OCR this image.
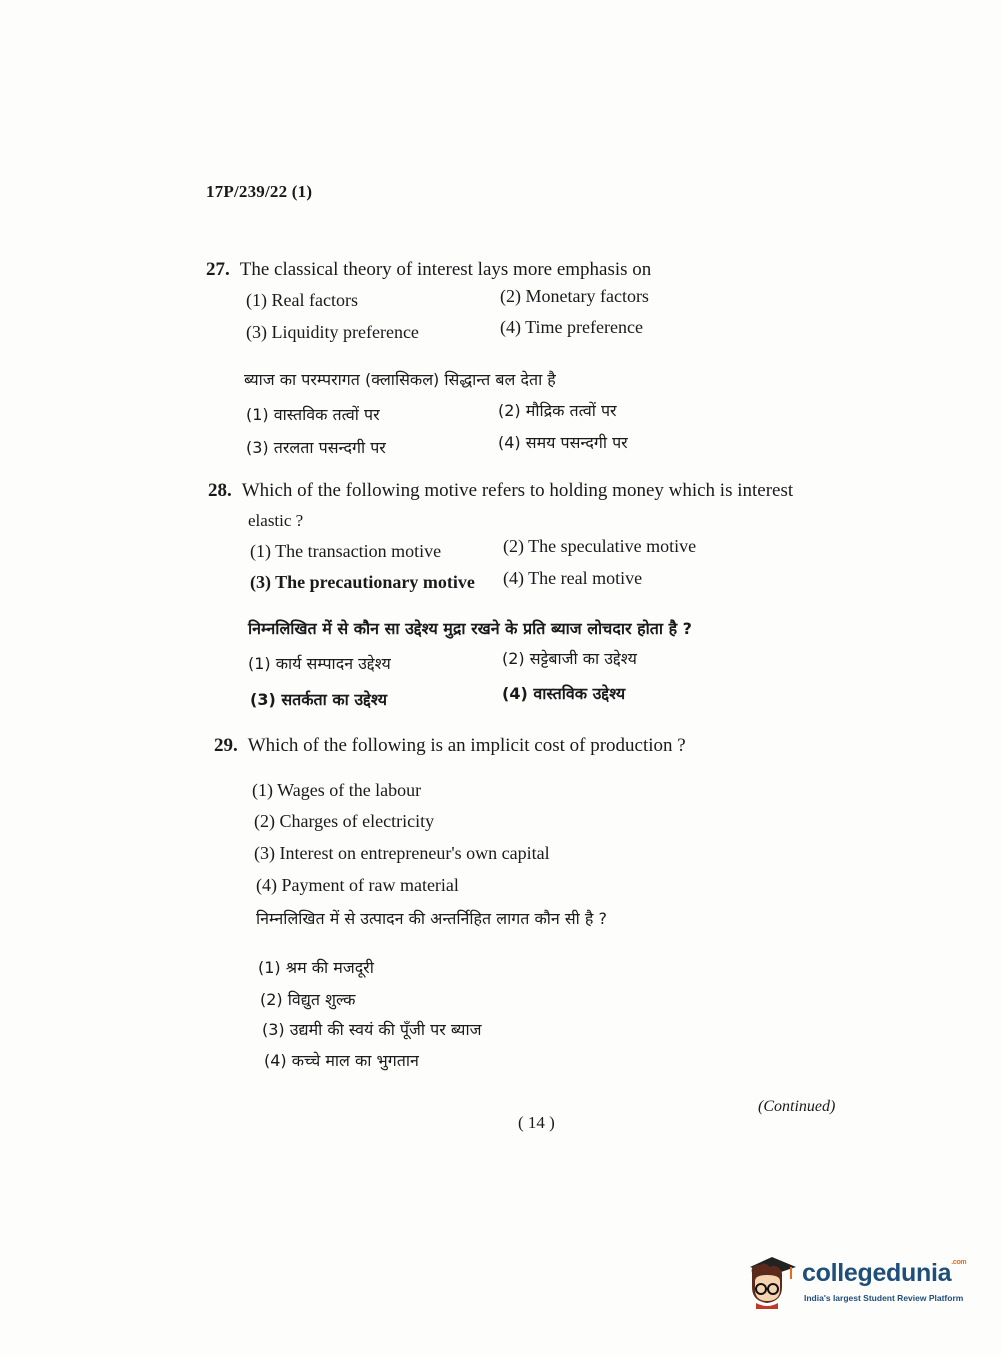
17P/239/22 (1)
27. The classical theory of interest lays more emphasis on
(1) Real factors	(2) Monetary factors
(3) Liquidity preference	(4) Time preference
ब्याज का परम्परागत (क्लासिकल) सिद्धान्त बल देता है
(1) वास्तविक तत्वों पर	(2) मौद्रिक तत्वों पर
(3) तरलता पसन्दगी पर	(4) समय पसन्दगी पर
28. Which of the following motive refers to holding money which is interest
elastic ?
(1) The transaction motive	(2) The speculative motive
(3) The precautionary motive (4) The real motive
निम्नलिखित में से कौन सा उद्देश्य मुद्रा रखने के प्रति ब्याज लोचदार होता है ?
(1) कार्य सम्पादन उद्देश्य	(2) सट्टेबाजी का उद्देश्य
(3) सतर्कता का उद्देश्य	(4) वास्तविक उद्देश्य
29. Which of the following is an implicit cost of production ?
(1) Wages of the labour
(2) Charges of electricity
(3) Interest on entrepreneur's own capital
(4) Payment of raw material
निम्नलिखित में से उत्पादन की अन्तर्निहित लागत कौन सी है ?
(1) श्रम की मजदूरी
(2) विद्युत शुल्क
(3) उद्यमी की स्वयं की पूँजी पर ब्याज
(4) कच्चे माल का भुगतान
( 14 )
(Continued)
collegedunia$^{.com}$
India's largest Student Review Platform
